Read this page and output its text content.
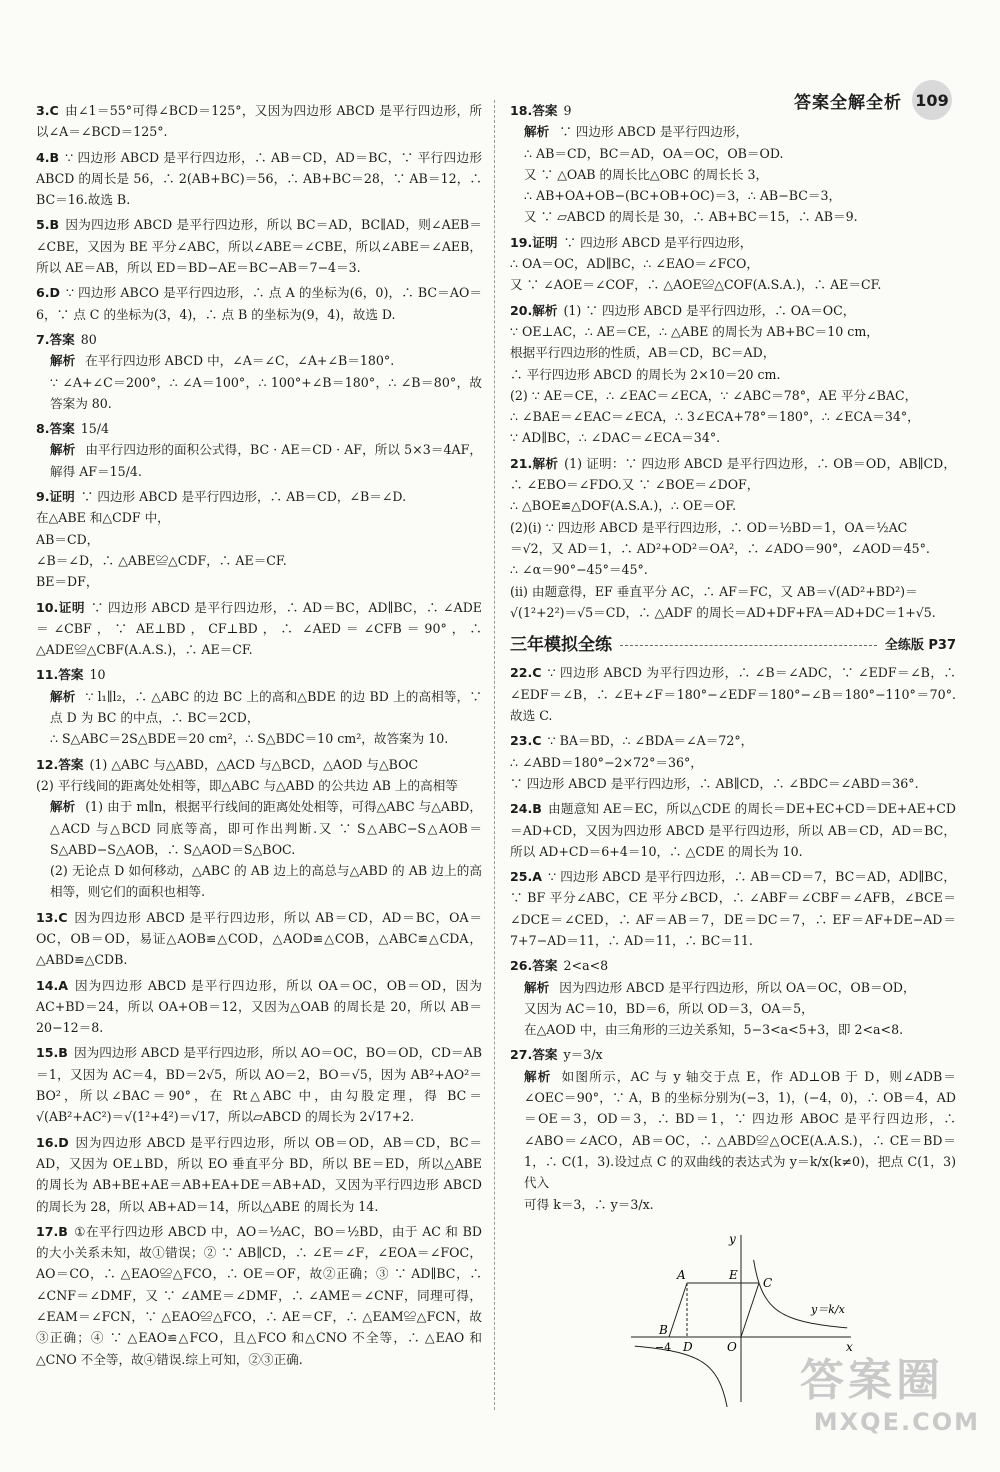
答案全解全析 109
3.C 由∠1＝55°可得∠BCD＝125°，又因为四边形 ABCD 是平行四边形，所以∠A＝∠BCD＝125°.
4.B ∵ 四边形 ABCD 是平行四边形，∴ AB＝CD，AD＝BC，∵ 平行四边形 ABCD 的周长是 56，∴ 2(AB+BC)＝56，∴ AB+BC＝28，∵ AB＝12，∴ BC＝16.故选 B.
5.B 因为四边形 ABCD 是平行四边形，所以 BC＝AD，BC∥AD，则∠AEB＝∠CBE，又因为 BE 平分∠ABC，所以∠ABE＝∠CBE，所以∠ABE＝∠AEB，所以 AE＝AB，所以 ED＝BD−AE＝BC−AB＝7−4＝3.
6.D ∵ 四边形 ABCO 是平行四边形，∴ 点 A 的坐标为(6，0)，∴ BC＝AO＝6，∵ 点 C 的坐标为(3，4)，∴ 点 B 的坐标为(9，4)，故选 D.
7.答案 80
解析 在平行四边形 ABCD 中，∠A＝∠C，∠A+∠B＝180°.
∵ ∠A+∠C＝200°，∴ ∠A＝100°，∴ 100°+∠B＝180°，∴ ∠B＝80°，故答案为 80.
8.答案 15/4
解析 由平行四边形的面积公式得，BC · AE＝CD · AF，所以 5×3＝4AF，解得 AF＝15/4.
9.证明 ∵ 四边形 ABCD 是平行四边形，∴ AB＝CD，∠B＝∠D.
在△ABE 和△CDF 中，
AB＝CD，
∠B＝∠D，∴ △ABE≌△CDF，∴ AE＝CF.
BE＝DF，
10.证明 ∵ 四边形 ABCD 是平行四边形，∴ AD＝BC，AD∥BC，∴ ∠ADE＝∠CBF，∵ AE⊥BD，CF⊥BD，∴ ∠AED＝∠CFB＝90°，∴ △ADE≌△CBF(A.A.S.)，∴ AE＝CF.
11.答案 10
解析 ∵ l₁∥l₂，∴ △ABC 的边 BC 上的高和△BDE 的边 BD 上的高相等，∵ 点 D 为 BC 的中点，∴ BC＝2CD，
∴ S△ABC＝2S△BDE＝20 cm²，∴ S△BDC＝10 cm²，故答案为 10.
12.答案 (1) △ABC 与△ABD，△ACD 与△BCD，△AOD 与△BOC
(2) 平行线间的距离处处相等，即△ABC 与△ABD 的公共边 AB 上的高相等
解析 (1) 由于 m∥n，根据平行线间的距离处处相等，可得△ABC 与△ABD，△ACD 与△BCD 同底等高，即可作出判断.又 ∵ S△ABC−S△AOB＝S△ABD−S△AOB，∴ S△AOD＝S△BOC.
(2) 无论点 D 如何移动，△ABC 的 AB 边上的高总与△ABD 的 AB 边上的高相等，则它们的面积也相等.
13.C 因为四边形 ABCD 是平行四边形，所以 AB＝CD，AD＝BC，OA＝OC，OB＝OD，易证△AOB≌△COD，△AOD≌△COB，△ABC≌△CDA，△ABD≌△CDB.
14.A 因为四边形 ABCD 是平行四边形，所以 OA＝OC，OB＝OD，因为 AC+BD＝24，所以 OA+OB＝12，又因为△OAB 的周长是 20，所以 AB＝20−12＝8.
15.B 因为四边形 ABCD 是平行四边形，所以 AO＝OC，BO＝OD，CD＝AB＝1，又因为 AC＝4，BD＝2√5，所以 AO＝2，BO＝√5，因为 AB²+AO²＝BO²，所以∠BAC＝90°，在 Rt△ABC 中，由勾股定理，得 BC＝√(AB²+AC²)＝√(1²+4²)＝√17，所以▱ABCD 的周长为 2√17+2.
16.D 因为四边形 ABCD 是平行四边形，所以 OB＝OD，AB＝CD，BC＝AD，又因为 OE⊥BD，所以 EO 垂直平分 BD，所以 BE＝ED，所以△ABE 的周长为 AB+BE+AE＝AB+EA+DE＝AB+AD，又因为平行四边形 ABCD 的周长为 28，所以 AB+AD＝14，所以△ABE 的周长为 14.
17.B ①在平行四边形 ABCD 中，AO＝½AC，BO＝½BD，由于 AC 和 BD 的大小关系未知，故①错误；② ∵ AB∥CD，∴ ∠E＝∠F，∠EOA＝∠FOC，AO＝CO，∴ △EAO≌△FCO，∴ OE＝OF，故②正确；③ ∵ AD∥BC，∴ ∠CNF＝∠DMF，又 ∵ ∠AME＝∠DMF，∴ ∠AME＝∠CNF，同理可得，∠EAM＝∠FCN，∵ △EAO≌△FCO，∴ AE＝CF，∴ △EAM≌△FCN，故③正确；④ ∵ △EAO≌△FCO，且△FCO 和△CNO 不全等，∴ △EAO 和△CNO 不全等，故④错误.综上可知，②③正确.
18.答案 9
解析 ∵ 四边形 ABCD 是平行四边形，
∴ AB＝CD，BC＝AD，OA＝OC，OB＝OD.
又 ∵ △OAB 的周长比△OBC 的周长长 3，
∴ AB+OA+OB−(BC+OB+OC)＝3，∴ AB−BC＝3，
又 ∵ ▱ABCD 的周长是 30，∴ AB+BC＝15，∴ AB＝9.
19.证明 ∵ 四边形 ABCD 是平行四边形，
∴ OA＝OC，AD∥BC，∴ ∠EAO＝∠FCO，
又 ∵ ∠AOE＝∠COF，∴ △AOE≌△COF(A.S.A.)，∴ AE＝CF.
20.解析 (1) ∵ 四边形 ABCD 是平行四边形，∴ OA＝OC，
∵ OE⊥AC，∴ AE＝CE，∴ △ABE 的周长为 AB+BC＝10 cm，
根据平行四边形的性质，AB＝CD，BC＝AD，
∴ 平行四边形 ABCD 的周长为 2×10＝20 cm.
(2) ∵ AE＝CE，∴ ∠EAC＝∠ECA，∵ ∠ABC＝78°，AE 平分∠BAC，
∴ ∠BAE＝∠EAC＝∠ECA，∴ 3∠ECA+78°＝180°，∴ ∠ECA＝34°，
∵ AD∥BC，∴ ∠DAC＝∠ECA＝34°.
21.解析 (1) 证明：∵ 四边形 ABCD 是平行四边形，∴ OB＝OD，AB∥CD，∴ ∠EBO＝∠FDO.又 ∵ ∠BOE＝∠DOF，
∴ △BOE≌△DOF(A.S.A.)，∴ OE＝OF.
(2)(i) ∵ 四边形 ABCD 是平行四边形，∴ OD＝½BD＝1，OA＝½AC
＝√2，又 AD＝1，∴ AD²+OD²＝OA²，∴ ∠ADO＝90°，∠AOD＝45°.
∴ ∠α＝90°−45°＝45°.
(ii) 由题意得，EF 垂直平分 AC，∴ AF＝FC，又 AB＝√(AD²+BD²)＝
√(1²+2²)＝√5＝CD，∴ △ADF 的周长＝AD+DF+FA＝AD+DC＝1+√5.
三年模拟全练	全练版 P37
22.C ∵ 四边形 ABCD 为平行四边形，∴ ∠B＝∠ADC，∵ ∠EDF＝∠B，∴ ∠EDF＝∠B，∴ ∠E+∠F＝180°−∠EDF＝180°−∠B＝180°−110°＝70°.故选 C.
23.C ∵ BA＝BD，∴ ∠BDA＝∠A＝72°，
∴ ∠ABD＝180°−2×72°＝36°，
∵ 四边形 ABCD 是平行四边形，∴ AB∥CD，∴ ∠BDC＝∠ABD＝36°.
24.B 由题意知 AE＝EC，所以△CDE 的周长＝DE+EC+CD＝DE+AE+CD＝AD+CD，又因为四边形 ABCD 是平行四边形，所以 AB＝CD，AD＝BC，所以 AD+CD＝6+4＝10，∴ △CDE 的周长为 10.
25.A ∵ 四边形 ABCD 是平行四边形，∴ AB＝CD＝7，BC＝AD，AD∥BC，∵ BF 平分∠ABC，CE 平分∠BCD，∴ ∠ABF＝∠CBF＝∠AFB，∠BCE＝∠DCE＝∠CED，∴ AF＝AB＝7，DE＝DC＝7，∴ EF＝AF+DE−AD＝7+7−AD＝11，∴ AD＝11，∴ BC＝11.
26.答案 2<a<8
解析 因为四边形 ABCD 是平行四边形，所以 OA＝OC，OB＝OD，
又因为 AC＝10，BD＝6，所以 OD＝3，OA＝5，
在△AOD 中，由三角形的三边关系知，5−3<a<5+3，即 2<a<8.
27.答案 y＝3/x
解析 如图所示，AC 与 y 轴交于点 E，作 AD⊥OB 于 D，则∠ADB＝∠OEC＝90°，∵ A，B 的坐标分别为(−3，1)，(−4，0)，∴ OB＝4，AD＝OE＝3，OD＝3，∴ BD＝1，∵ 四边形 ABOC 是平行四边形，∴ ∠ABO＝∠ACO，AB＝OC，∴ △ABD≌△OCE(A.A.S.)，∴ CE＝BD＝1，∴ C(1，3).设过点 C 的双曲线的表达式为 y＝k/x(k≠0)，把点 C(1，3)代入
可得 k＝3，∴ y＝3/x.
x
y
O
A	E
C
B
D
−4
y＝k/x
答案圈
MXQE.COM
